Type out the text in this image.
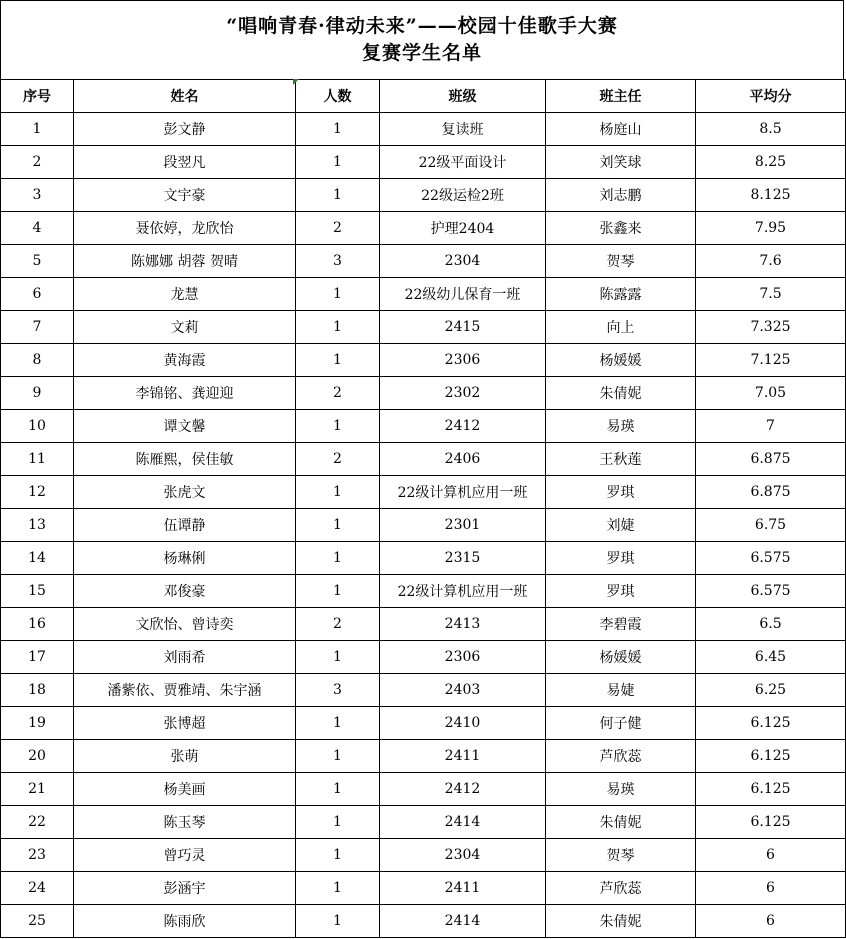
“唱响青春·律动未来”——校园十佳歌手大赛
复赛学生名单
序号	姓名	人数	班级	班主任	平均分
1	彭文静	1	复读班	杨庭山	8.5
2	段翌凡	1	22级平面设计	刘笑球	8.25
3	文宇豪	1	22级运检2班	刘志鹏	8.125
4	聂依婷，龙欣怡	2	护理2404	张鑫来	7.95
5	陈娜娜 胡蓉 贺晴	3	2304	贺琴	7.6
6	龙慧	1	22级幼儿保育一班	陈露露	7.5
7	文莉	1	2415	向上	7.325
8	黄海霞	1	2306	杨媛媛	7.125
9	李锦铭、龚迎迎	2	2302	朱倩妮	7.05
10	谭文馨	1	2412	易瑛	7
11	陈雁熙，侯佳敏	2	2406	王秋莲	6.875
12	张虎文	1	22级计算机应用一班	罗琪	6.875
13	伍谭静	1	2301	刘婕	6.75
14	杨琳俐	1	2315	罗琪	6.575
15	邓俊豪	1	22级计算机应用一班	罗琪	6.575
16	文欣怡、曾诗奕	2	2413	李碧霞	6.5
17	刘雨希	1	2306	杨媛媛	6.45
18	潘紫依、贾雅靖、朱宇涵	3	2403	易婕	6.25
19	张博超	1	2410	何子健	6.125
20	张萌	1	2411	芦欣蕊	6.125
21	杨美画	1	2412	易瑛	6.125
22	陈玉琴	1	2414	朱倩妮	6.125
23	曾巧灵	1	2304	贺琴	6
24	彭涵宇	1	2411	芦欣蕊	6
25	陈雨欣	1	2414	朱倩妮	6
